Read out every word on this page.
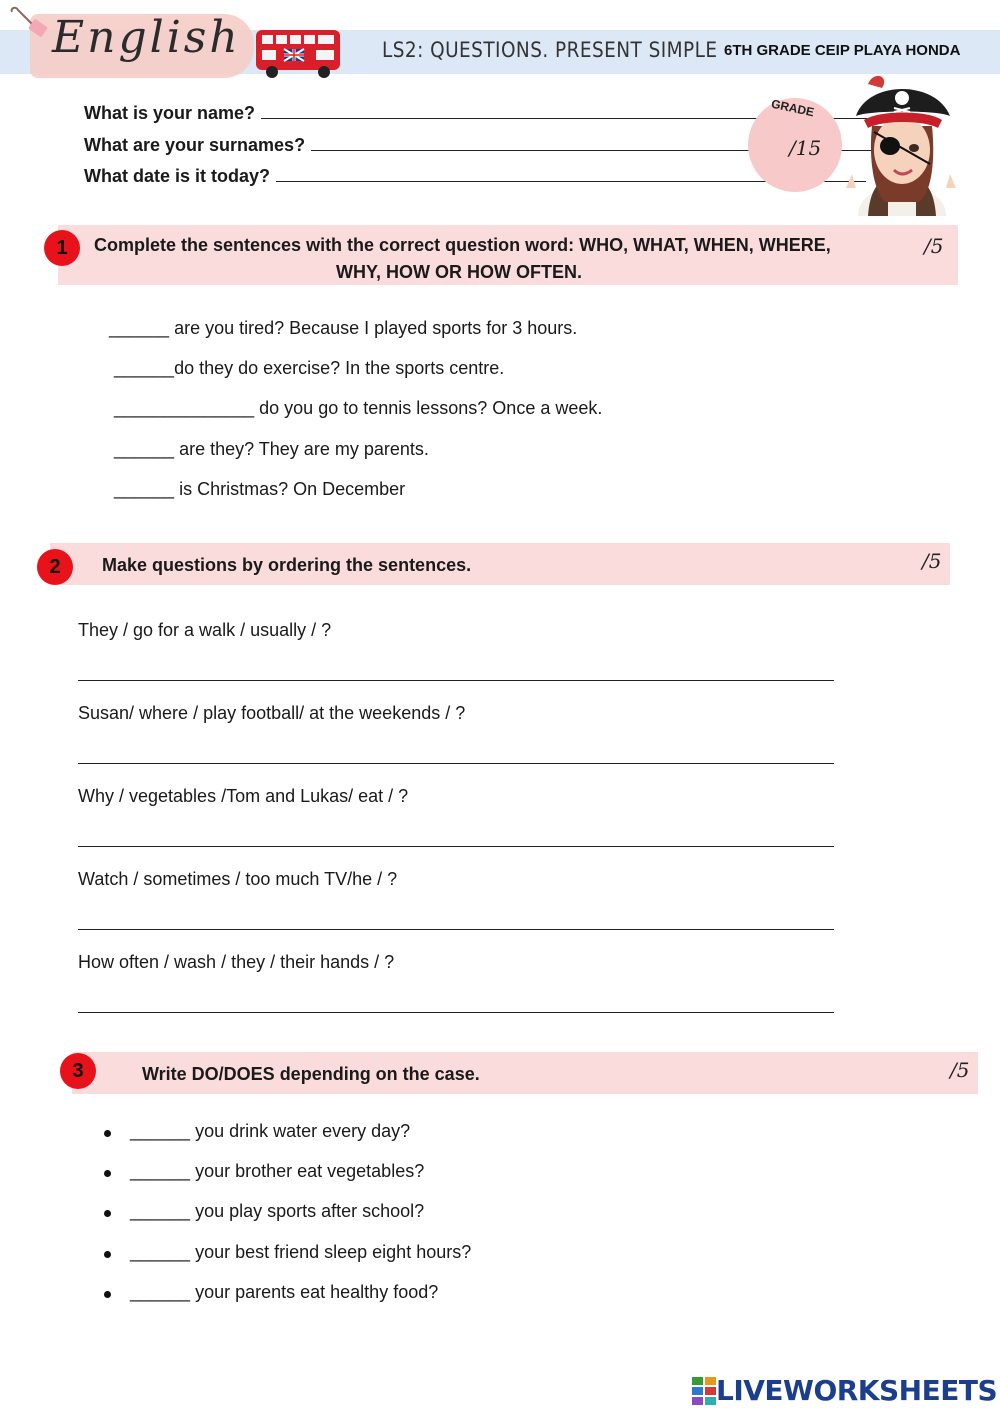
English	LS2: QUESTIONS. PRESENT SIMPLE 6TH GRADE CEIP PLAYA HONDA
What is your name?
What are your surnames?
What date is it today?
GRADE
/15
1	Complete the sentences with the correct question word: WHO, WHAT, WHEN, WHERE,
WHY, HOW OR HOW OFTEN.
/5
______ are you tired? Because I played sports for 3 hours.
______do they do exercise? In the sports centre.
______________ do you go to tennis lessons? Once a week.
______ are they? They are my parents.
______ is Christmas? On December
2	Make questions by ordering the sentences.	/5
They / go for a walk / usually / ?
Susan/ where / play football/ at the weekends / ?
Why / vegetables /Tom and Lukas/ eat / ?
Watch / sometimes / too much TV/he / ?
How often / wash / they / their hands / ?
3	Write DO/DOES depending on the case.	/5
______ you drink water every day?
______ your brother eat vegetables?
______ you play sports after school?
______ your best friend sleep eight hours?
______ your parents eat healthy food?
LIVEWORKSHEETS
